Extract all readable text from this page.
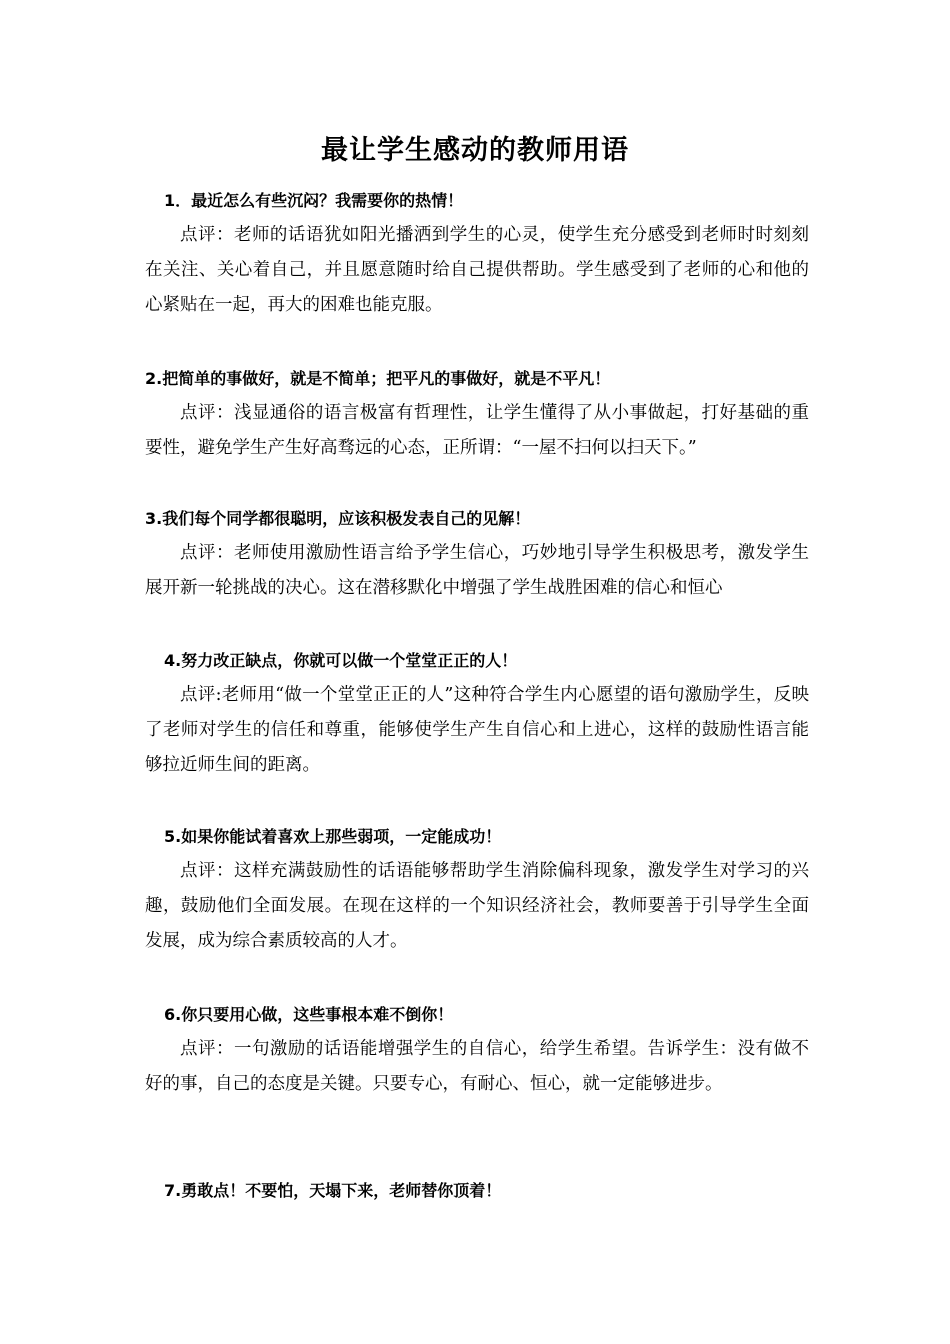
最让学生感动的教师用语

1．最近怎么有些沉闷？我需要你的热情！

点评：老师的话语犹如阳光播洒到学生的心灵，使学生充分感受到老师时时刻刻在关注、关心着自己，并且愿意随时给自己提供帮助。学生感受到了老师的心和他的心紧贴在一起，再大的困难也能克服。

2.把简单的事做好，就是不简单；把平凡的事做好，就是不平凡！

点评：浅显通俗的语言极富有哲理性，让学生懂得了从小事做起，打好基础的重要性，避免学生产生好高骛远的心态，正所谓：“一屋不扫何以扫天下。”

3.我们每个同学都很聪明，应该积极发表自己的见解！

点评：老师使用激励性语言给予学生信心，巧妙地引导学生积极思考，激发学生展开新一轮挑战的决心。这在潜移默化中增强了学生战胜困难的信心和恒心

4.努力改正缺点，你就可以做一个堂堂正正的人！

点评:老师用“做一个堂堂正正的人”这种符合学生内心愿望的语句激励学生，反映了老师对学生的信任和尊重，能够使学生产生自信心和上进心，这样的鼓励性语言能够拉近师生间的距离。

5.如果你能试着喜欢上那些弱项，一定能成功！

点评：这样充满鼓励性的话语能够帮助学生消除偏科现象，激发学生对学习的兴趣，鼓励他们全面发展。在现在这样的一个知识经济社会，教师要善于引导学生全面发展，成为综合素质较高的人才。

6.你只要用心做，这些事根本难不倒你！

点评：一句激励的话语能增强学生的自信心，给学生希望。告诉学生：没有做不好的事，自己的态度是关键。只要专心，有耐心、恒心，就一定能够进步。

7.勇敢点！不要怕，天塌下来，老师替你顶着！
